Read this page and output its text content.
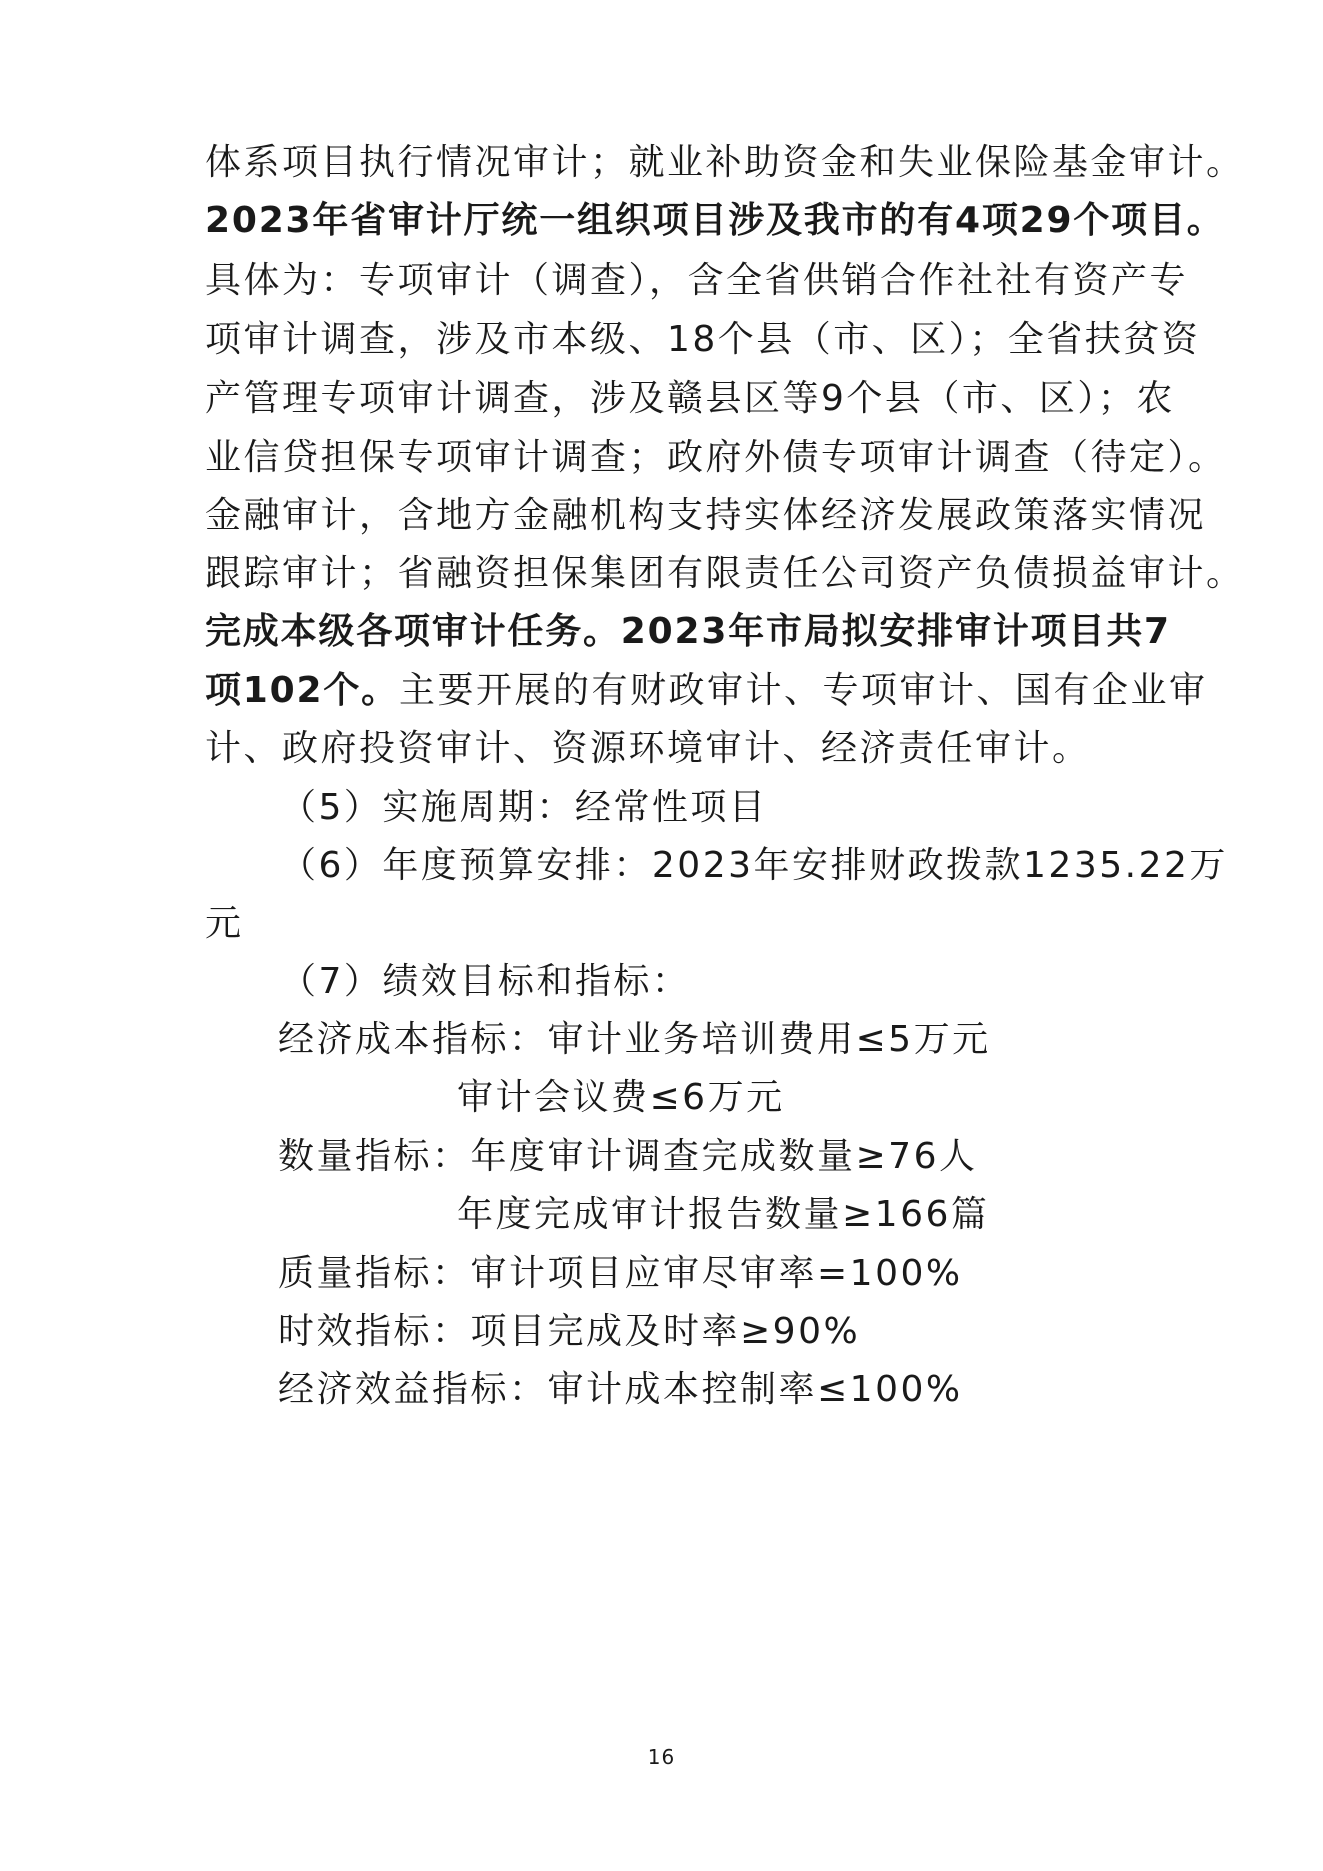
体系项目执行情况审计；就业补助资金和失业保险基金审计。
2023年省审计厅统一组织项目涉及我市的有4项29个项目。
具体为：专项审计（调查），含全省供销合作社社有资产专
项审计调查，涉及市本级、18个县（市、区）；全省扶贫资
产管理专项审计调查，涉及赣县区等9个县（市、区）；农
业信贷担保专项审计调查；政府外债专项审计调查（待定）。
金融审计，含地方金融机构支持实体经济发展政策落实情况
跟踪审计；省融资担保集团有限责任公司资产负债损益审计。
完成本级各项审计任务。2023年市局拟安排审计项目共7
项102个。主要开展的有财政审计、专项审计、国有企业审
计、政府投资审计、资源环境审计、经济责任审计。
（5）实施周期：经常性项目
（6）年度预算安排：2023年安排财政拨款1235.22万
元
（7）绩效目标和指标：
经济成本指标：审计业务培训费用≤5万元
审计会议费≤6万元
数量指标：年度审计调查完成数量≥76人
年度完成审计报告数量≥166篇
质量指标：审计项目应审尽审率=100%
时效指标：项目完成及时率≥90%
经济效益指标：审计成本控制率≤100%
16
